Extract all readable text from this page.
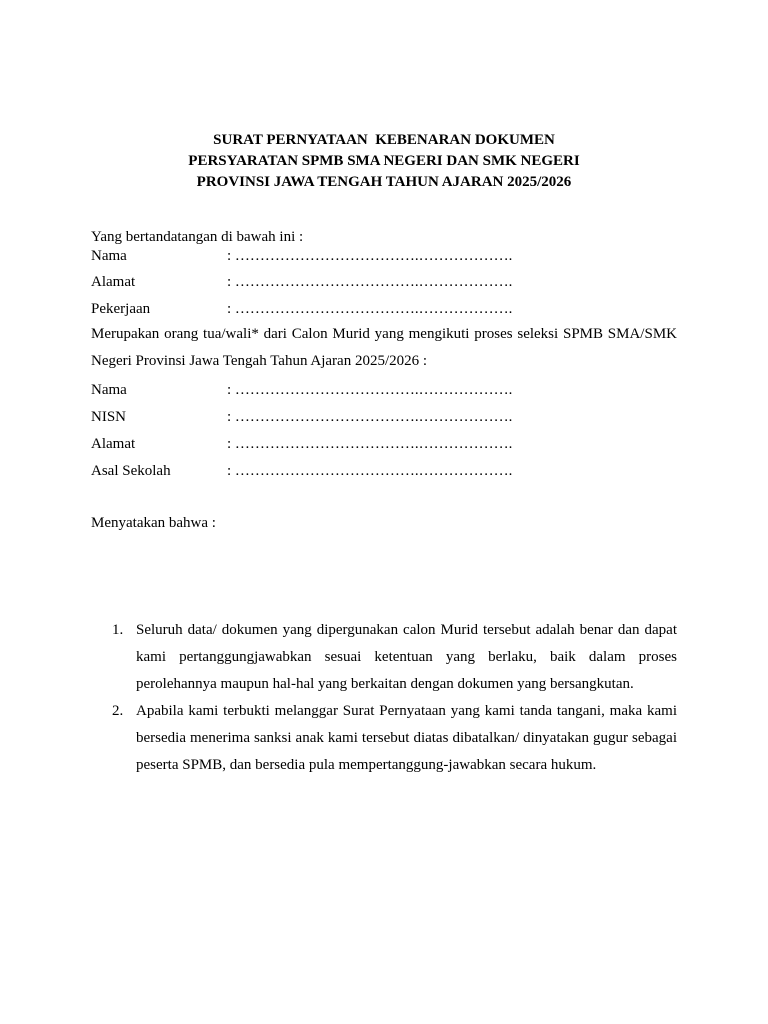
SURAT PERNYATAAN  KEBENARAN DOKUMEN
PERSYARATAN SPMB SMA NEGERI DAN SMK NEGERI
PROVINSI JAWA TENGAH TAHUN AJARAN 2025/2026
Yang bertandatangan di bawah ini :
Nama	: ……………………………….……………….
Alamat	: ……………………………….……………….
Pekerjaan	: ……………………………….……………….
Merupakan orang tua/wali* dari Calon Murid yang mengikuti proses seleksi SPMB SMA/SMK
Negeri Provinsi Jawa Tengah Tahun Ajaran 2025/2026 :
Nama	: ……………………………….……………….
NISN	: ……………………………….……………….
Alamat	: ……………………………….……………….
Asal Sekolah	: ……………………………….……………….
Menyatakan bahwa :
1. Seluruh data/ dokumen yang dipergunakan calon Murid tersebut adalah benar dan dapat
kami pertanggungjawabkan sesuai ketentuan yang berlaku, baik dalam proses
perolehannya maupun hal-hal yang berkaitan dengan dokumen yang bersangkutan.
2. Apabila kami terbukti melanggar Surat Pernyataan yang kami tanda tangani, maka kami
bersedia menerima sanksi anak kami tersebut diatas dibatalkan/ dinyatakan gugur sebagai
peserta SPMB, dan bersedia pula mempertanggung-jawabkan secara hukum.
